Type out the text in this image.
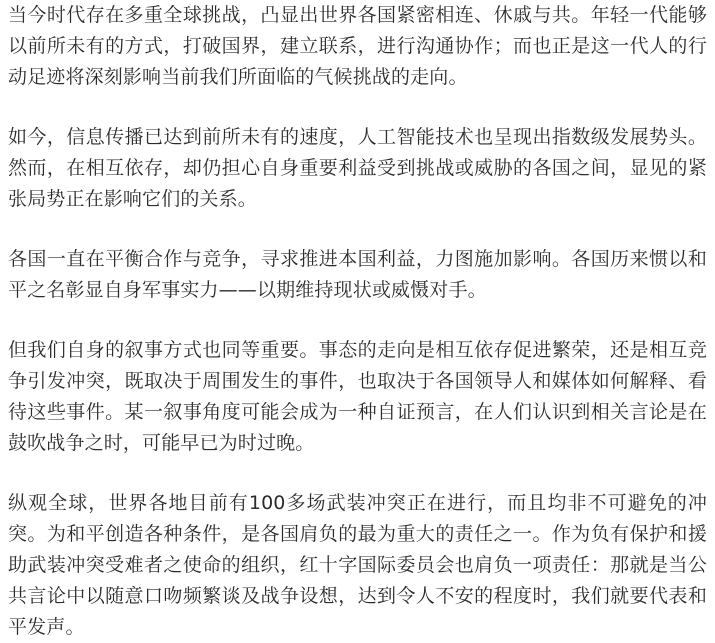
当今时代存在多重全球挑战，凸显出世界各国紧密相连、休戚与共。年轻一代能够以前所未有的方式，打破国界，建立联系，进行沟通协作；而也正是这一代人的行动足迹将深刻影响当前我们所面临的气候挑战的走向。

如今，信息传播已达到前所未有的速度，人工智能技术也呈现出指数级发展势头。然而，在相互依存，却仍担心自身重要利益受到挑战或威胁的各国之间，显见的紧张局势正在影响它们的关系。

各国一直在平衡合作与竞争，寻求推进本国利益，力图施加影响。各国历来惯以和平之名彰显自身军事实力——以期维持现状或威慑对手。

但我们自身的叙事方式也同等重要。事态的走向是相互依存促进繁荣，还是相互竞争引发冲突，既取决于周围发生的事件，也取决于各国领导人和媒体如何解释、看待这些事件。某一叙事角度可能会成为一种自证预言，在人们认识到相关言论是在鼓吹战争之时，可能早已为时过晚。

纵观全球，世界各地目前有100多场武装冲突正在进行，而且均非不可避免的冲突。为和平创造各种条件，是各国肩负的最为重大的责任之一。作为负有保护和援助武装冲突受难者之使命的组织，红十字国际委员会也肩负一项责任：那就是当公共言论中以随意口吻频繁谈及战争设想，达到令人不安的程度时，我们就要代表和平发声。
